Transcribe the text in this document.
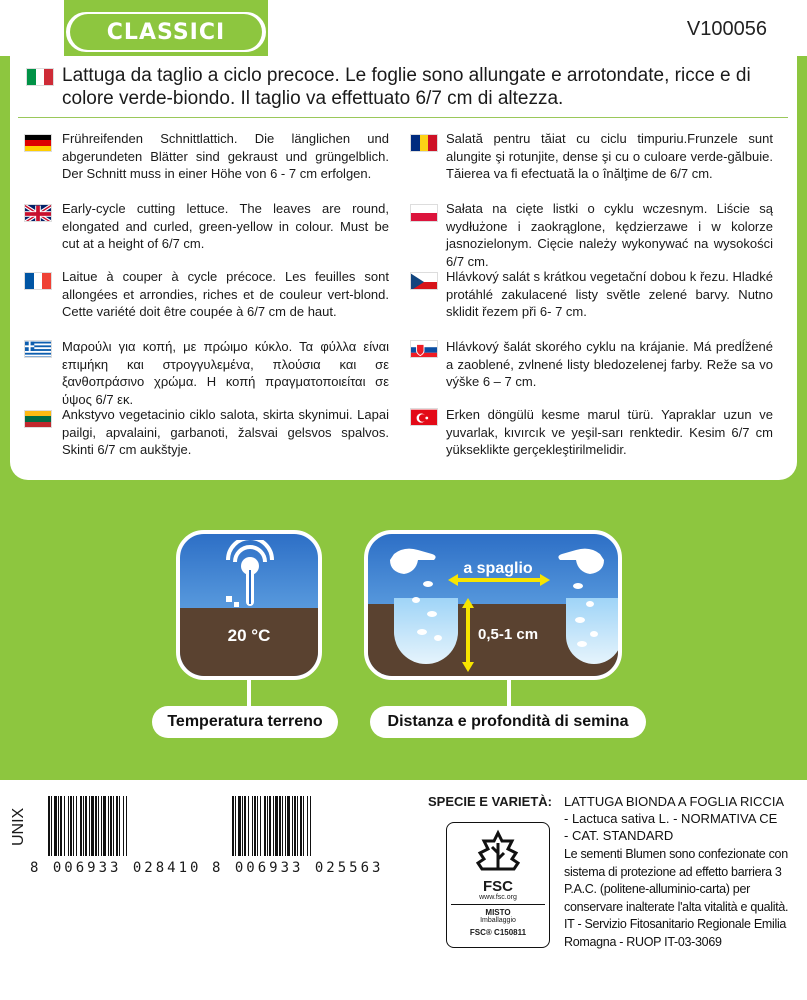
CLASSICI	V100056
Lattuga da taglio a ciclo precoce. Le foglie sono allungate e arrotondate, ricce e di colore verde-biondo. Il taglio va effettuato 6/7 cm di altezza.
Frühreifenden Schnittlattich. Die länglichen und abgerundeten Blätter sind gekraust und grüngelblich. Der Schnitt muss in einer Höhe von 6 - 7 cm erfolgen.
Early-cycle cutting lettuce. The leaves are round, elongated and curled, green-yellow in colour. Must be cut at a height of 6/7 cm.
Laitue à couper à cycle précoce. Les feuilles sont allongées et arrondies, riches et de couleur vert-blond. Cette variété doit être coupée à 6/7 cm de haut.
Μαρούλι για κοπή, με πρώιμο κύκλο. Τα φύλλα είναι επιμήκη και στρογγυλεμένα, πλούσια και σε ξανθοπράσινο χρώμα. Η κοπή πραγματοποιείται σε ύψος 6/7 εκ.
Ankstyvo vegetacinio ciklo salota, skirta skynimui. Lapai pailgi, apvalaini, garbanoti, žalsvai gelsvos spalvos. Skinti 6/7 cm aukštyje.
Salată pentru tăiat cu ciclu timpuriu.Frunzele sunt alungite şi rotunjite, dense şi cu o culoare verde-gălbuie. Tăierea va fi efectuată la o înălţime de 6/7 cm.
Sałata na cięte listki o cyklu wczesnym. Liście są wydłużone i zaokrąglone, kędzierzawe i w kolorze jasnozielonym. Cięcie należy wykonywać na wysokości 6/7 cm.
Hlávkový salát s krátkou vegetační dobou k řezu. Hladké protáhlé zakulacené listy světle zelené barvy. Nutno sklidit řezem při 6- 7 cm.
Hlávkový šalát skorého cyklu na krájanie. Má predĺžené a zaoblené, zvlnené listy bledozelenej farby. Reže sa vo výške 6 – 7 cm.
Erken döngülü kesme marul türü. Yapraklar uzun ve yuvarlak, kıvırcık ve yeşil-sarı renktedir. Kesim 6/7 cm yükseklikte gerçekleştirilmelidir.
20 °C
Temperatura terreno
a spaglio
0,5-1 cm
Distanza e profondità di semina
UNIX
8 006933 028410 8 006933 025563
SPECIE E VARIETÀ: LATTUGA BIONDA A FOGLIA RICCIA
- Lactuca sativa L. - NORMATIVA CE
- CAT. STANDARD
FSC
www.fsc.org
MISTO
Imballaggio
FSC® C150811
Le sementi Blumen sono confezionate con sistema di protezione ad effetto barriera 3 P.A.C. (politene-alluminio-carta) per conservare inalterate l'alta vitalità e qualità. IT - Servizio Fitosanitario Regionale Emilia Romagna - RUOP IT-03-3069
